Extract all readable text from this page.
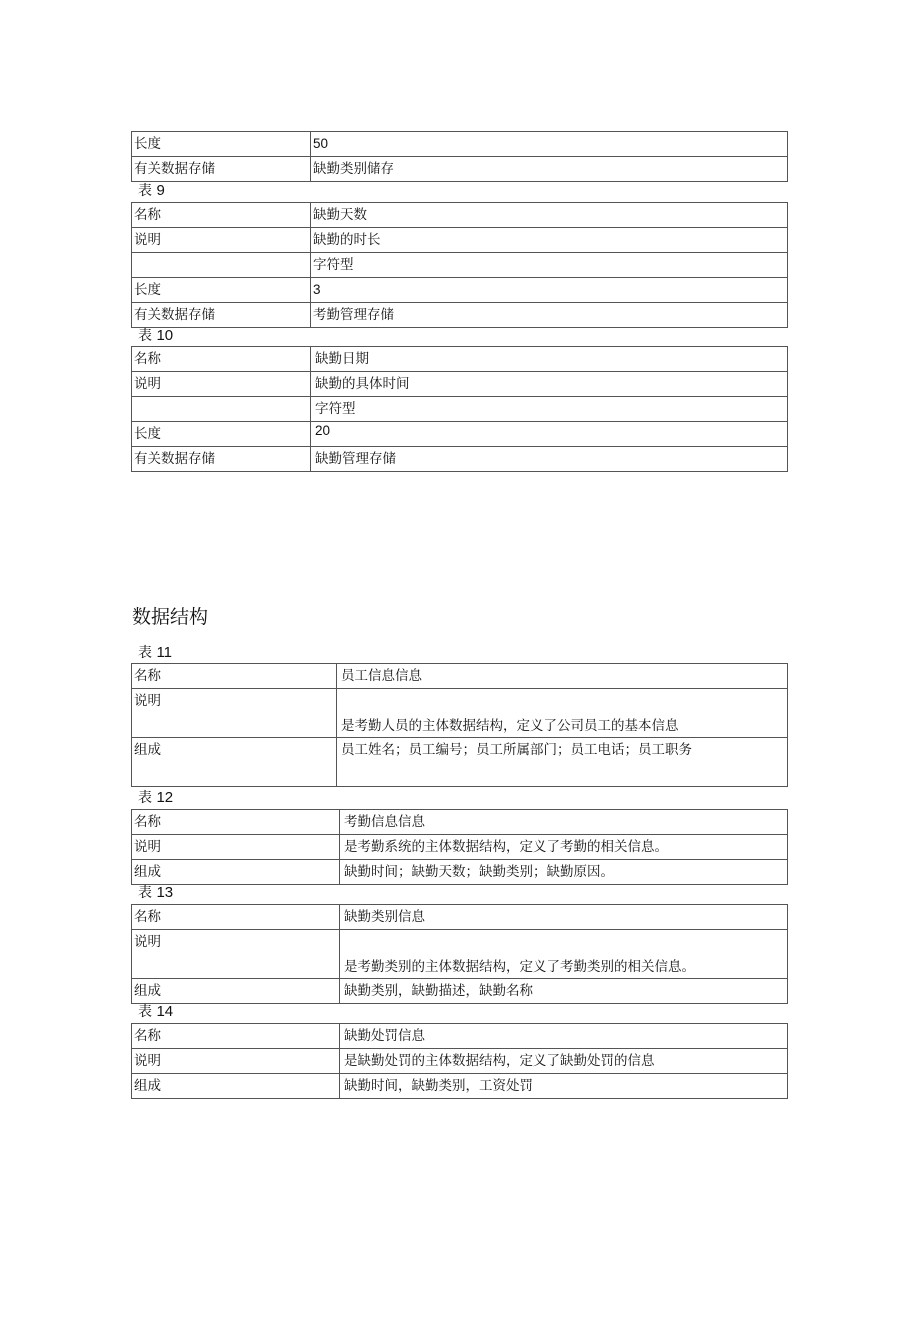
长度	50
有关数据存储	缺勤类别储存

表 9

名称	缺勤天数
说明	缺勤的时长
	字符型
长度	3
有关数据存储	考勤管理存储

表 10

名称	缺勤日期
说明	缺勤的具体时间
	字符型
长度	20
有关数据存储	缺勤管理存储
数据结构

表 11

名称	员工信息信息
说明	是考勤人员的主体数据结构，定义了公司员工的基本信息
组成	员工姓名；员工编号；员工所属部门；员工电话；员工职务

表 12

名称	考勤信息信息
说明	是考勤系统的主体数据结构，定义了考勤的相关信息。
组成	缺勤时间；缺勤天数；缺勤类别；缺勤原因。

表 13

名称	缺勤类别信息
说明	是考勤类别的主体数据结构，定义了考勤类别的相关信息。
组成	缺勤类别，缺勤描述，缺勤名称

表 14

名称	缺勤处罚信息
说明	是缺勤处罚的主体数据结构，定义了缺勤处罚的信息
组成	缺勤时间，缺勤类别，工资处罚
